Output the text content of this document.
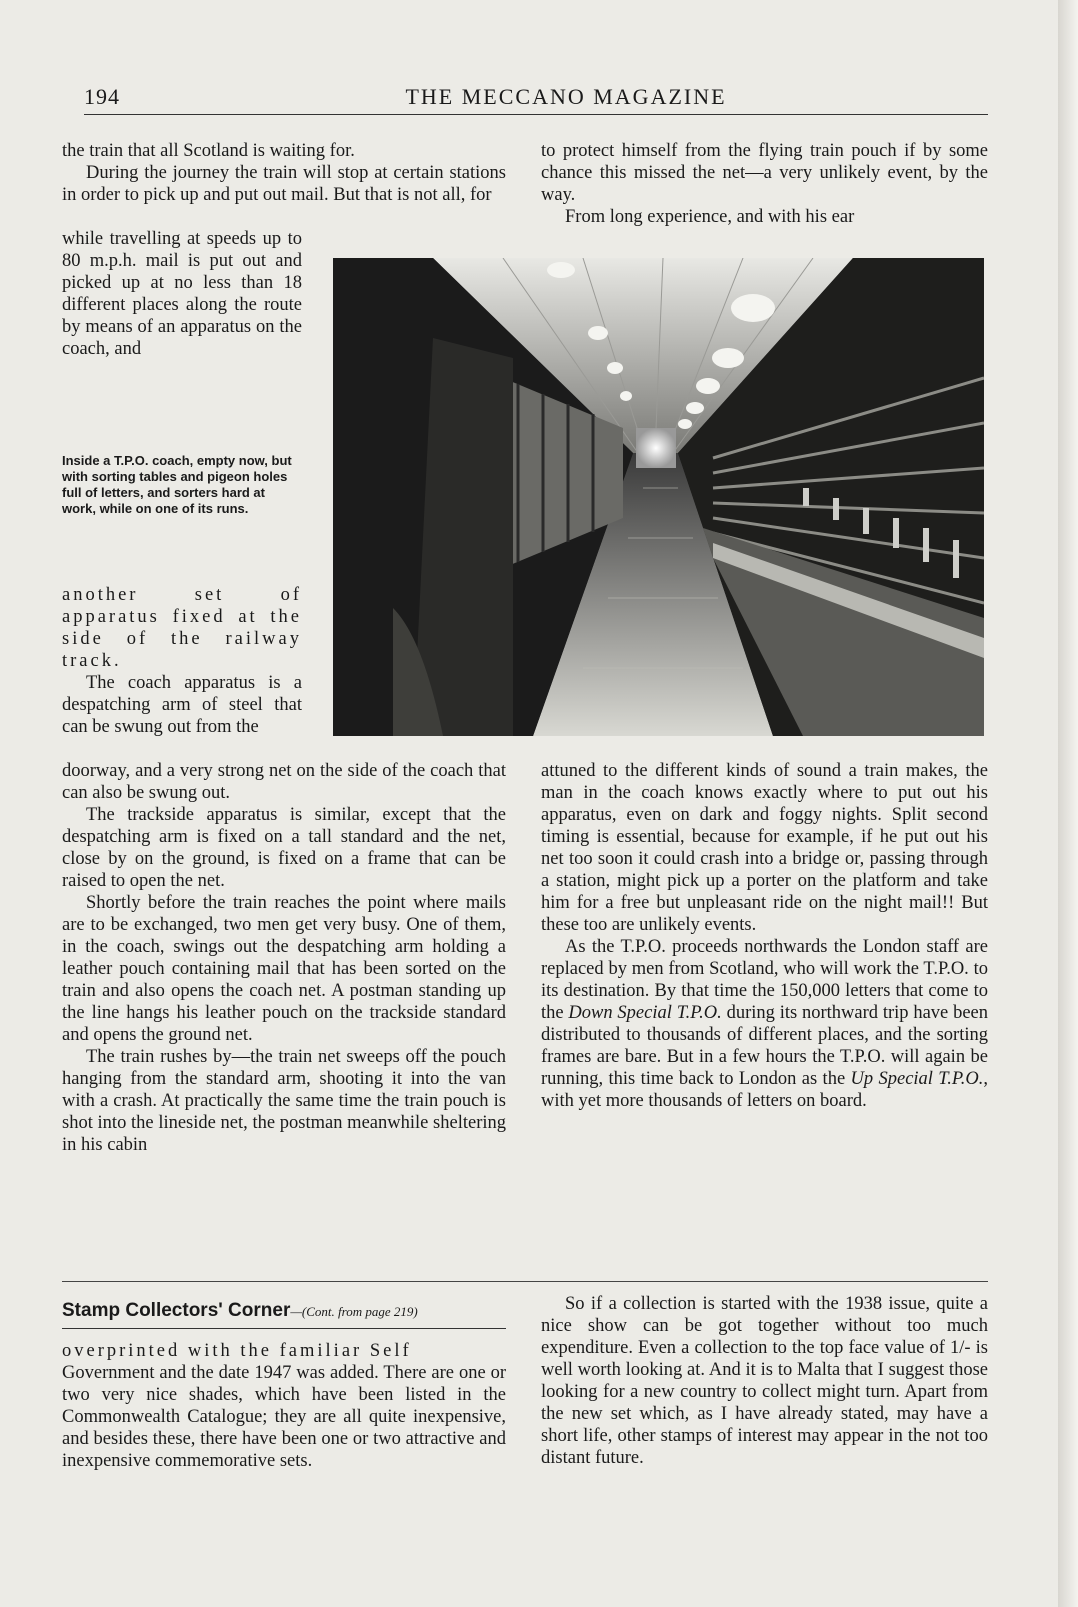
194	THE MECCANO MAGAZINE

the train that all Scotland is waiting for.

During the journey the train will stop at certain stations in order to pick up and put out mail. But that is not all, for

while travelling at speeds up to 80 m.p.h. mail is put out and picked up at no less than 18 different places along the route by means of an apparatus on the coach, and

Inside a T.P.O. coach, empty now, but with sorting tables and pigeon holes full of letters, and sorters hard at work, while on one of its runs.

another set of apparatus fixed at the side of the railway track.

The coach apparatus is a despatching arm of steel that can be swung out from the

doorway, and a very strong net on the side of the coach that can also be swung out.

The trackside apparatus is similar, except that the despatching arm is fixed on a tall standard and the net, close by on the ground, is fixed on a frame that can be raised to open the net.

Shortly before the train reaches the point where mails are to be exchanged, two men get very busy. One of them, in the coach, swings out the despatching arm holding a leather pouch containing mail that has been sorted on the train and also opens the coach net. A postman standing up the line hangs his leather pouch on the trackside standard and opens the ground net.

The train rushes by—the train net sweeps off the pouch hanging from the standard arm, shooting it into the van with a crash. At practically the same time the train pouch is shot into the lineside net, the postman meanwhile sheltering in his cabin

to protect himself from the flying train pouch if by some chance this missed the net—a very unlikely event, by the way.

From long experience, and with his ear

attuned to the different kinds of sound a train makes, the man in the coach knows exactly where to put out his apparatus, even on dark and foggy nights. Split second timing is essential, because for example, if he put out his net too soon it could crash into a bridge or, passing through a station, might pick up a porter on the platform and take him for a free but unpleasant ride on the night mail!! But these too are unlikely events.

As the T.P.O. proceeds northwards the London staff are replaced by men from Scotland, who will work the T.P.O. to its destination. By that time the 150,000 letters that come to the Down Special T.P.O. during its northward trip have been distributed to thousands of different places, and the sorting frames are bare. But in a few hours the T.P.O. will again be running, this time back to London as the Up Special T.P.O., with yet more thousands of letters on board.

Stamp Collectors' Corner—(Cont. from page 219)

overprinted with the familiar Self

Government and the date 1947 was added. There are one or two very nice shades, which have been listed in the Commonwealth Catalogue; they are all quite inexpensive, and besides these, there have been one or two attractive and inexpensive commemorative sets.

So if a collection is started with the 1938 issue, quite a nice show can be got together without too much expenditure. Even a collection to the top face value of 1/- is well worth looking at. And it is to Malta that I suggest those looking for a new country to collect might turn. Apart from the new set which, as I have already stated, may have a short life, other stamps of interest may appear in the not too distant future.
